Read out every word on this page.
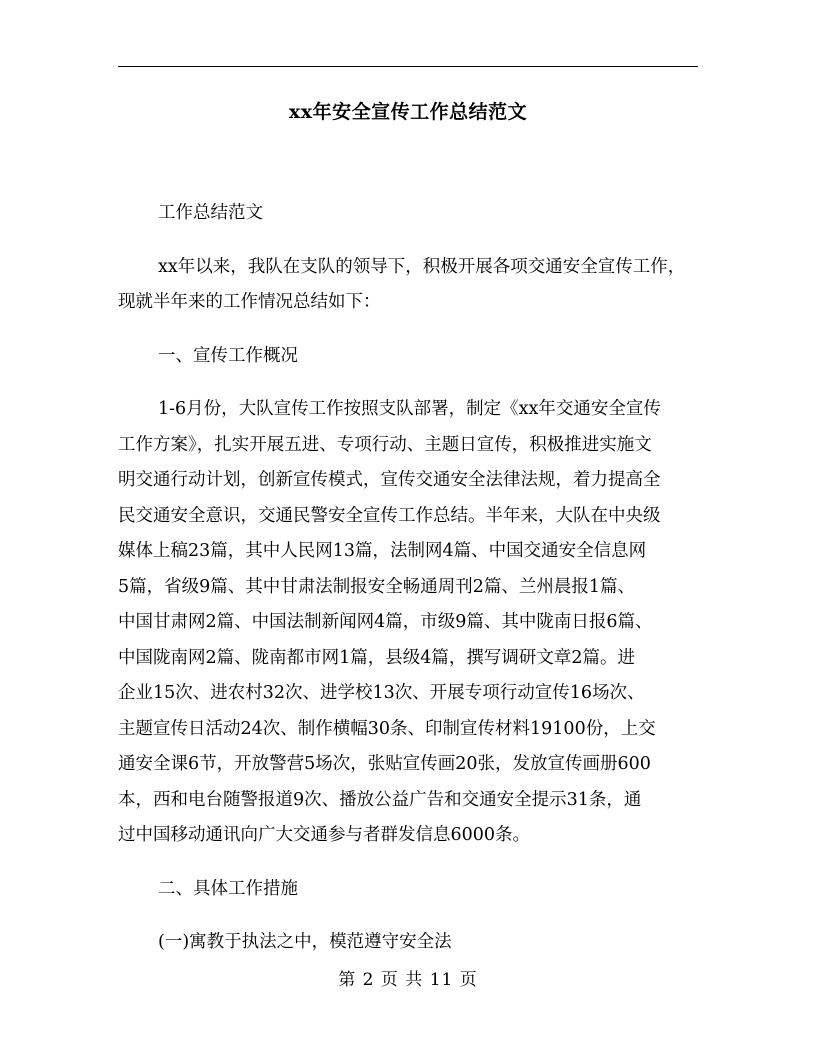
xx年安全宣传工作总结范文

工作总结范文

xx年以来，我队在支队的领导下，积极开展各项交通安全宣传工作，
现就半年来的工作情况总结如下：

一、宣传工作概况

1-6月份，大队宣传工作按照支队部署，制定《xx年交通安全宣传
工作方案》，扎实开展五进、专项行动、主题日宣传，积极推进实施文
明交通行动计划，创新宣传模式，宣传交通安全法律法规，着力提高全
民交通安全意识，交通民警安全宣传工作总结。半年来，大队在中央级
媒体上稿23篇，其中人民网13篇，法制网4篇、中国交通安全信息网
5篇，省级9篇、其中甘肃法制报安全畅通周刊2篇、兰州晨报1篇、
中国甘肃网2篇、中国法制新闻网4篇，市级9篇、其中陇南日报6篇、
中国陇南网2篇、陇南都市网1篇，县级4篇，撰写调研文章2篇。进
企业15次、进农村32次、进学校13次、开展专项行动宣传16场次、
主题宣传日活动24次、制作横幅30条、印制宣传材料19100份，上交
通安全课6节，开放警营5场次，张贴宣传画20张，发放宣传画册600
本，西和电台随警报道9次、播放公益广告和交通安全提示31条，通
过中国移动通讯向广大交通参与者群发信息6000条。

二、具体工作措施

(一)寓教于执法之中，模范遵守安全法

第 2 页 共 11 页
